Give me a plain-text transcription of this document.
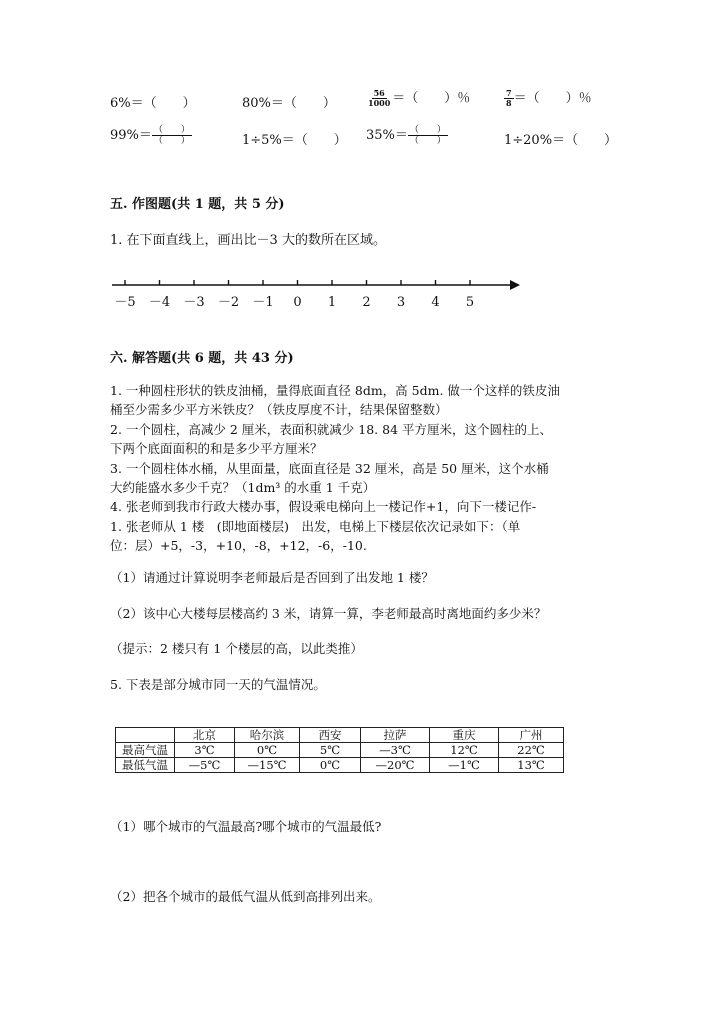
6%＝（　　）	80%＝（　　）	$\frac{56}{1000}$ ＝（　　）％	$\frac{7}{8}$ ＝（　　）％
$99\%= \frac{( )}{( )}$	1÷5%＝（　　） $35\%= \frac{( )}{( )}$	1÷20%＝（　　）
五. 作图题(共 1 题，共 5 分)
1. 在下面直线上，画出比－3 大的数所在区域。
－5 －4 －3 －2 －1 0 1 2 3 4 5
六. 解答题(共 6 题，共 43 分)
1. 一种圆柱形状的铁皮油桶，量得底面直径 8dm，高 5dm. 做一个这样的铁皮油
桶至少需多少平方米铁皮？（铁皮厚度不计，结果保留整数）
2. 一个圆柱，高减少 2 厘米，表面积就减少 18. 84 平方厘米，这个圆柱的上、
下两个底面面积的和是多少平方厘米？
3. 一个圆柱体水桶，从里面量，底面直径是 32 厘米，高是 50 厘米，这个水桶
大约能盛水多少千克？（1dm³ 的水重 1 千克）
4. 张老师到我市行政大楼办事，假设乘电梯向上一楼记作+1，向下一楼记作-
1. 张老师从 1 楼　(即地面楼层)　出发，电梯上下楼层依次记录如下：（单
位：层）+5，-3，+10，-8，+12，-6，-10.
（1）请通过计算说明李老师最后是否回到了出发地 1 楼？
（2）该中心大楼每层楼高约 3 米，请算一算，李老师最高时离地面约多少米？
（提示：2 楼只有 1 个楼层的高，以此类推）
5. 下表是部分城市同一天的气温情况。
	北京	哈尔滨	西安	拉萨	重庆	广州
最高气温	3℃	0℃	5℃	—3℃	12℃	22℃
最低气温	—5℃	—15℃	0℃	—20℃	—1℃	13℃
（1）哪个城市的气温最高?哪个城市的气温最低?
（2）把各个城市的最低气温从低到高排列出来。
